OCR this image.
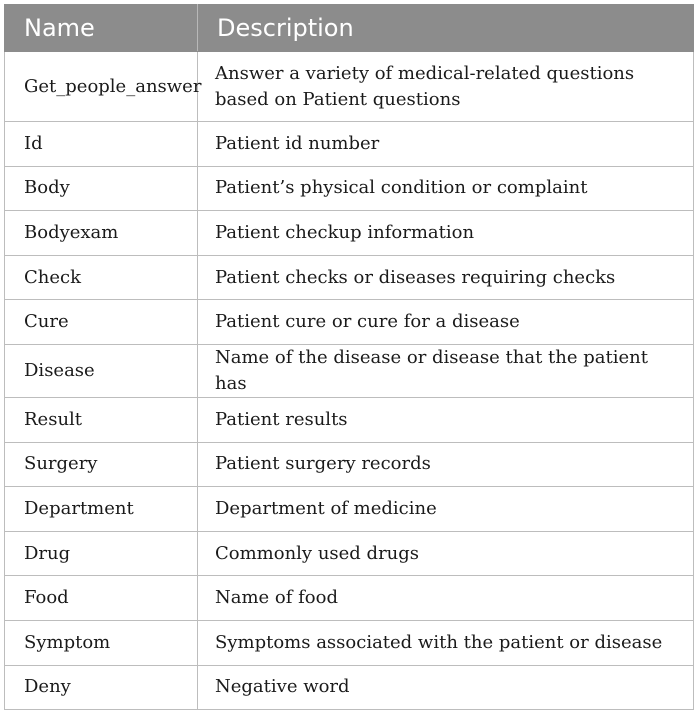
Name	Description
Get_people_answer	Answer a variety of medical-related questions based on Patient questions
Id	Patient id number
Body	Patient’s physical condition or complaint
Bodyexam	Patient checkup information
Check	Patient checks or diseases requiring checks
Cure	Patient cure or cure for a disease
Disease	Name of the disease or disease that the patient has
Result	Patient results
Surgery	Patient surgery records
Department	Department of medicine
Drug	Commonly used drugs
Food	Name of food
Symptom	Symptoms associated with the patient or disease
Deny	Negative word
